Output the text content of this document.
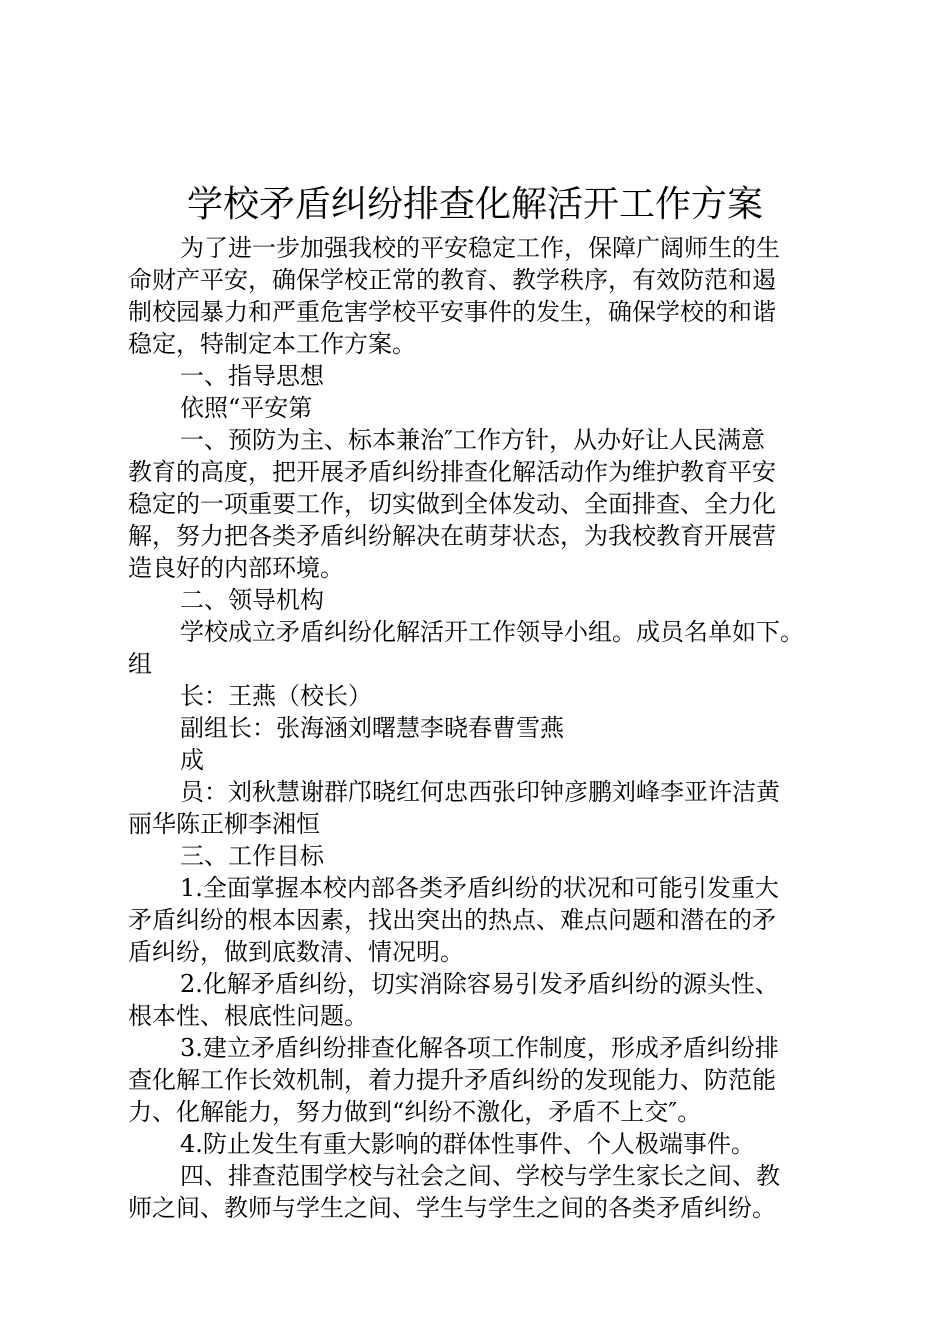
学校矛盾纠纷排查化解活开工作方案
为了进一步加强我校的平安稳定工作，保障广阔师生的生
命财产平安，确保学校正常的教育、教学秩序，有效防范和遏
制校园暴力和严重危害学校平安事件的发生，确保学校的和谐
稳定，特制定本工作方案。
一、指导思想
依照“平安第
一、预防为主、标本兼治″工作方针，从办好让人民满意
教育的高度，把开展矛盾纠纷排查化解活动作为维护教育平安
稳定的一项重要工作，切实做到全体发动、全面排查、全力化
解，努力把各类矛盾纠纷解决在萌芽状态，为我校教育开展营
造良好的内部环境。
二、领导机构
学校成立矛盾纠纷化解活开工作领导小组。成员名单如下。
组
长：王燕（校长）
副组长：张海涵刘曙慧李晓春曹雪燕
成
员：刘秋慧谢群邝晓红何忠西张印钟彦鹏刘峰李亚许洁黄
丽华陈正柳李湘恒
三、工作目标
1.全面掌握本校内部各类矛盾纠纷的状况和可能引发重大
矛盾纠纷的根本因素，找出突出的热点、难点问题和潜在的矛
盾纠纷，做到底数清、情况明。
2.化解矛盾纠纷，切实消除容易引发矛盾纠纷的源头性、
根本性、根底性问题。
3.建立矛盾纠纷排查化解各项工作制度，形成矛盾纠纷排
查化解工作长效机制，着力提升矛盾纠纷的发现能力、防范能
力、化解能力，努力做到“纠纷不激化，矛盾不上交″。
4.防止发生有重大影响的群体性事件、个人极端事件。
四、排查范围学校与社会之间、学校与学生家长之间、教
师之间、教师与学生之间、学生与学生之间的各类矛盾纠纷。
